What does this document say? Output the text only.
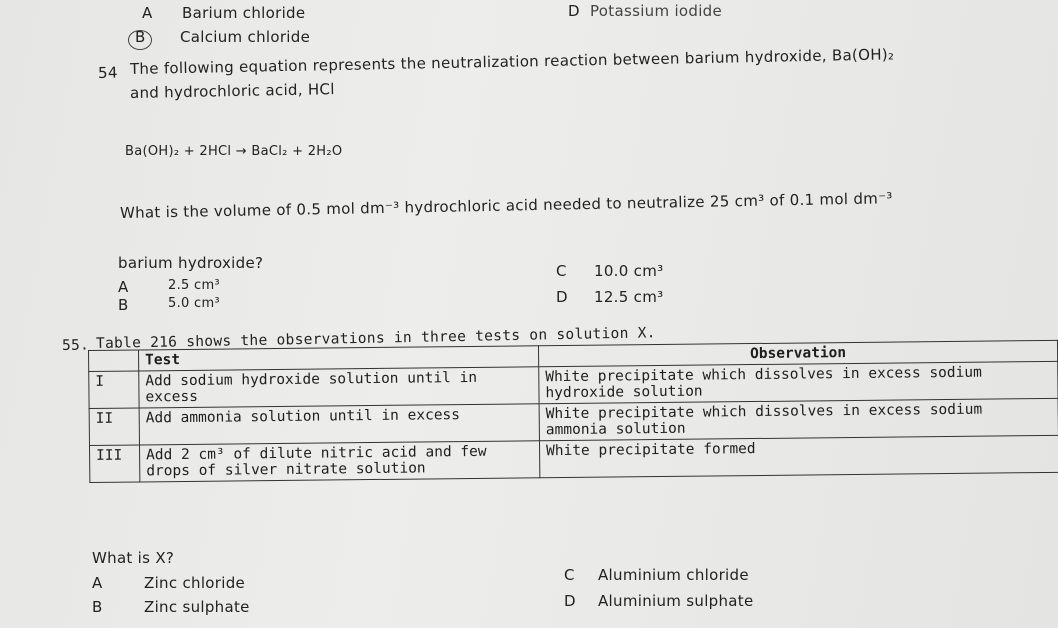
A Barium chloride	D Potassium iodide
B Calcium chloride
54 The following equation represents the neutralization reaction between barium hydroxide, Ba(OH)₂
and hydrochloric acid, HCl
Ba(OH)₂ + 2HCl → BaCl₂ + 2H₂O
What is the volume of 0.5 mol dm⁻³ hydrochloric acid needed to neutralize 25 cm³ of 0.1 mol dm⁻³
barium hydroxide?
A	2.5 cm³
B	5.0 cm³
C 10.0 cm³
D 12.5 cm³
55. Table 216 shows the observations in three tests on solution X.
	Test	Observation
I	Add sodium hydroxide solution until in excess	White precipitate which dissolves in excess sodium hydroxide solution
II	Add ammonia solution until in excess	White precipitate which dissolves in excess sodium ammonia solution
III	Add 2 cm³ of dilute nitric acid and few drops of silver nitrate solution	White precipitate formed
What is X?
A	Zinc chloride
B	Zinc sulphate
C Aluminium chloride
D Aluminium sulphate
